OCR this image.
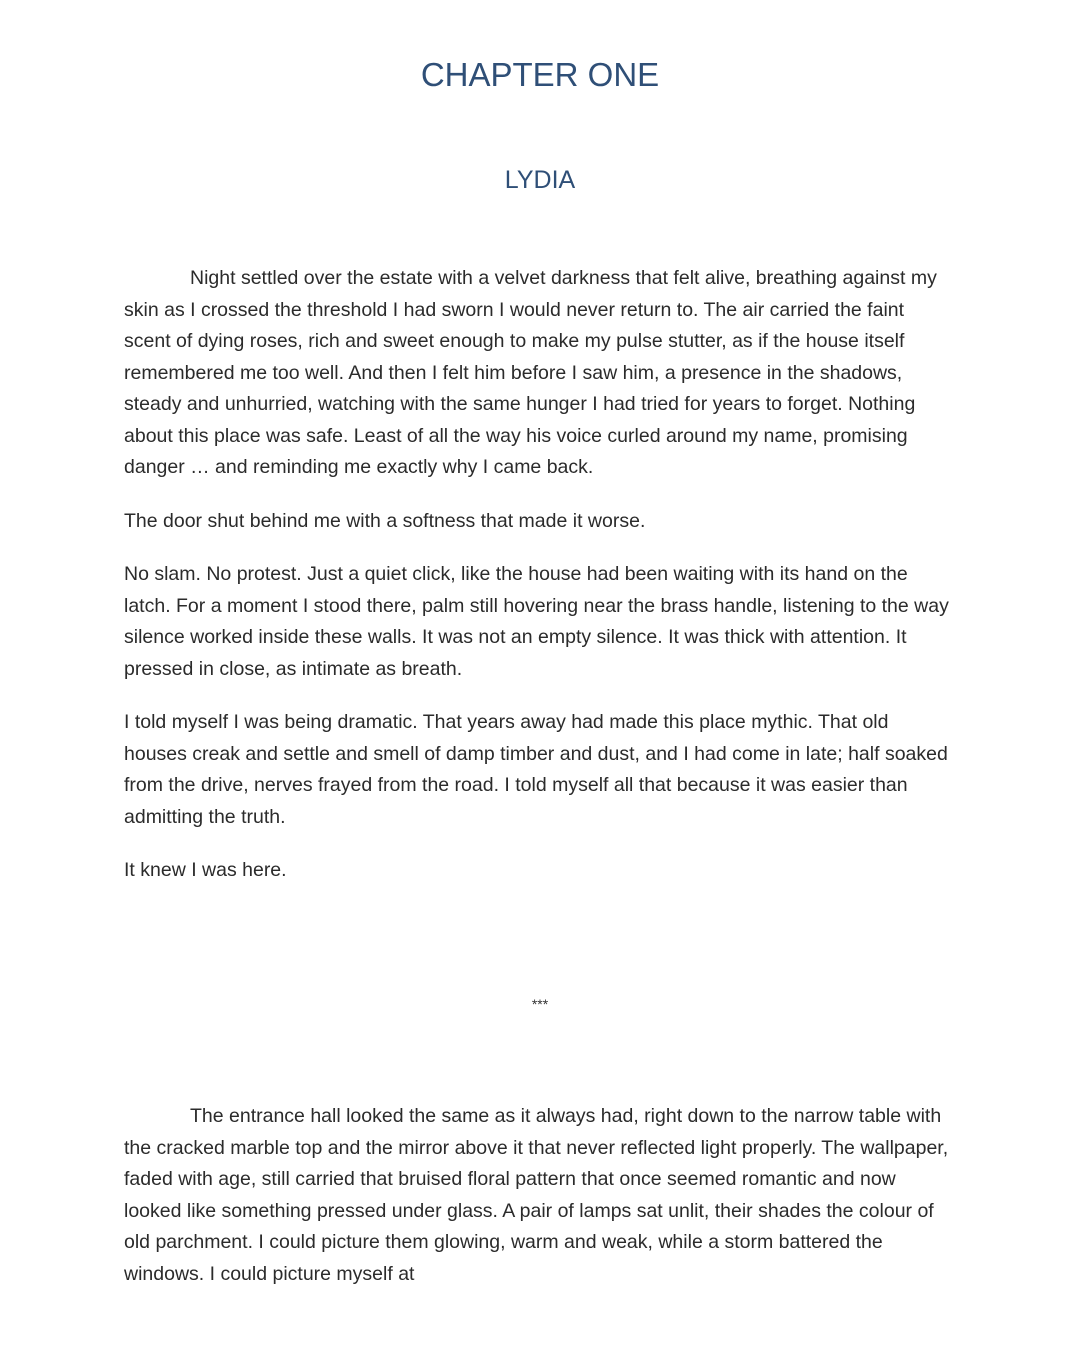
CHAPTER ONE
LYDIA

Night settled over the estate with a velvet darkness that felt alive, breathing against my skin as I crossed the threshold I had sworn I would never return to. The air carried the faint scent of dying roses, rich and sweet enough to make my pulse stutter, as if the house itself remembered me too well. And then I felt him before I saw him, a presence in the shadows, steady and unhurried, watching with the same hunger I had tried for years to forget. Nothing about this place was safe. Least of all the way his voice curled around my name, promising danger … and reminding me exactly why I came back.

The door shut behind me with a softness that made it worse.

No slam. No protest. Just a quiet click, like the house had been waiting with its hand on the latch. For a moment I stood there, palm still hovering near the brass handle, listening to the way silence worked inside these walls. It was not an empty silence. It was thick with attention. It pressed in close, as intimate as breath.

I told myself I was being dramatic. That years away had made this place mythic. That old houses creak and settle and smell of damp timber and dust, and I had come in late; half soaked from the drive, nerves frayed from the road. I told myself all that because it was easier than admitting the truth.

It knew I was here.

***

The entrance hall looked the same as it always had, right down to the narrow table with the cracked marble top and the mirror above it that never reflected light properly. The wallpaper, faded with age, still carried that bruised floral pattern that once seemed romantic and now looked like something pressed under glass. A pair of lamps sat unlit, their shades the colour of old parchment. I could picture them glowing, warm and weak, while a storm battered the windows. I could picture myself at
